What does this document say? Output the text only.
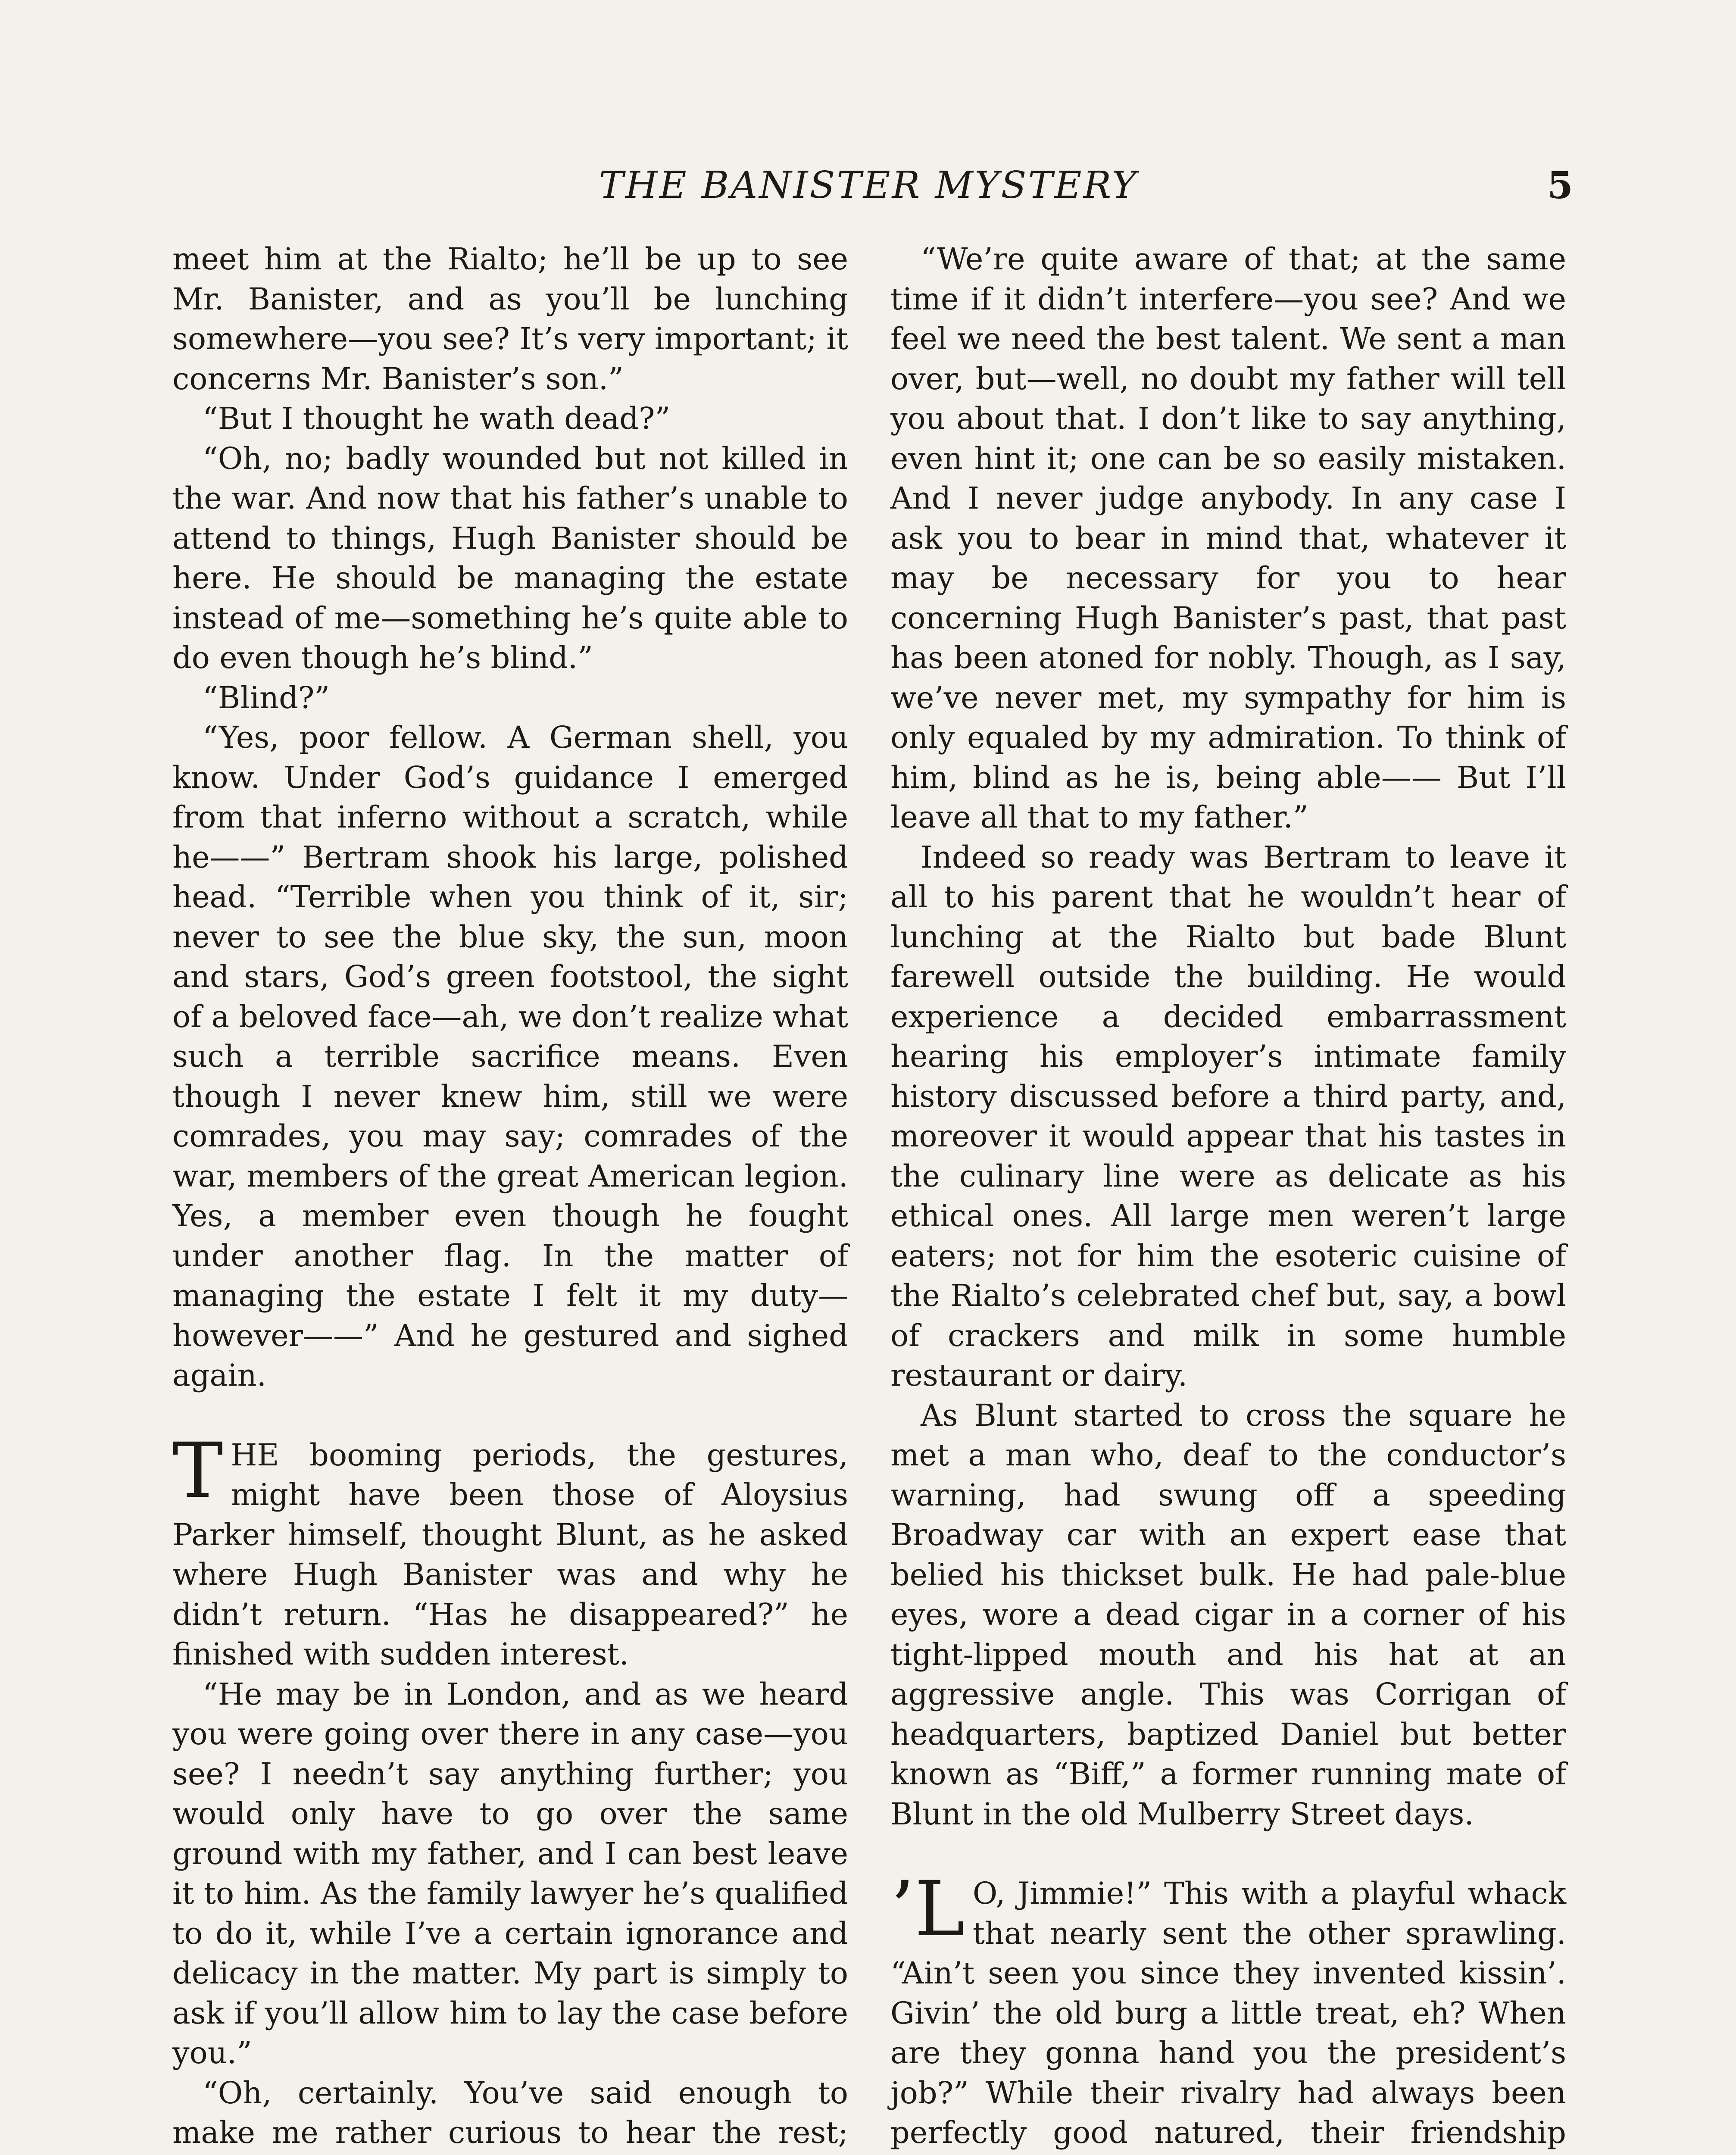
THE BANISTER MYSTERY	5

meet him at the Rialto; he’ll be up to see Mr. Banister, and as you’ll be lunching somewhere—you see? It’s very important; it concerns Mr. Banister’s son.”

“But I thought he wath dead?”

“Oh, no; badly wounded but not killed in the war. And now that his father’s unable to attend to things, Hugh Banister should be here. He should be managing the estate instead of me—something he’s quite able to do even though he’s blind.”

“Blind?”

“Yes, poor fellow. A German shell, you know. Under God’s guidance I emerged from that inferno without a scratch, while he——” Bertram shook his large, polished head. “Terrible when you think of it, sir; never to see the blue sky, the sun, moon and stars, God’s green footstool, the sight of a beloved face—ah, we don’t realize what such a terrible sacrifice means. Even though I never knew him, still we were comrades, you may say; comrades of the war, members of the great American legion. Yes, a member even though he fought under another flag. In the matter of managing the estate I felt it my duty—however——” And he gestured and sighed again.

THE booming periods, the gestures, might have been those of Aloysius Parker himself, thought Blunt, as he asked where Hugh Banister was and why he didn’t return. “Has he disappeared?” he finished with sudden interest.

“He may be in London, and as we heard you were going over there in any case—you see? I needn’t say anything further; you would only have to go over the same ground with my father, and I can best leave it to him. As the family lawyer he’s qualified to do it, while I’ve a certain ignorance and delicacy in the matter. My part is simply to ask if you’ll allow him to lay the case before you.”

“Oh, certainly. You’ve said enough to make me rather curious to hear the rest;

“We’re quite aware of that; at the same time if it didn’t interfere—you see? And we feel we need the best talent. We sent a man over, but—well, no doubt my father will tell you about that. I don’t like to say anything, even hint it; one can be so easily mistaken. And I never judge anybody. In any case I ask you to bear in mind that, whatever it may be necessary for you to hear concerning Hugh Banister’s past, that past has been atoned for nobly. Though, as I say, we’ve never met, my sympathy for him is only equaled by my admiration. To think of him, blind as he is, being able—— But I’ll leave all that to my father.”

Indeed so ready was Bertram to leave it all to his parent that he wouldn’t hear of lunching at the Rialto but bade Blunt farewell outside the building. He would experience a decided embarrassment hearing his employer’s intimate family history discussed before a third party, and, moreover it would appear that his tastes in the culinary line were as delicate as his ethical ones. All large men weren’t large eaters; not for him the esoteric cuisine of the Rialto’s celebrated chef but, say, a bowl of crackers and milk in some humble restaurant or dairy.

As Blunt started to cross the square he met a man who, deaf to the conductor’s warning, had swung off a speeding Broadway car with an expert ease that belied his thickset bulk. He had pale-blue eyes, wore a dead cigar in a corner of his tight-lipped mouth and his hat at an aggressive angle. This was Corrigan of headquarters, baptized Daniel but better known as “Biff,” a former running mate of Blunt in the old Mulberry Street days.

’L O, Jimmie!” This with a playful whack that nearly sent the other sprawling. “Ain’t seen you since they invented kissin’. Givin’ the old burg a little treat, eh? When are they gonna hand you the president’s job?” While their rivalry had always been perfectly good natured, their friendship
